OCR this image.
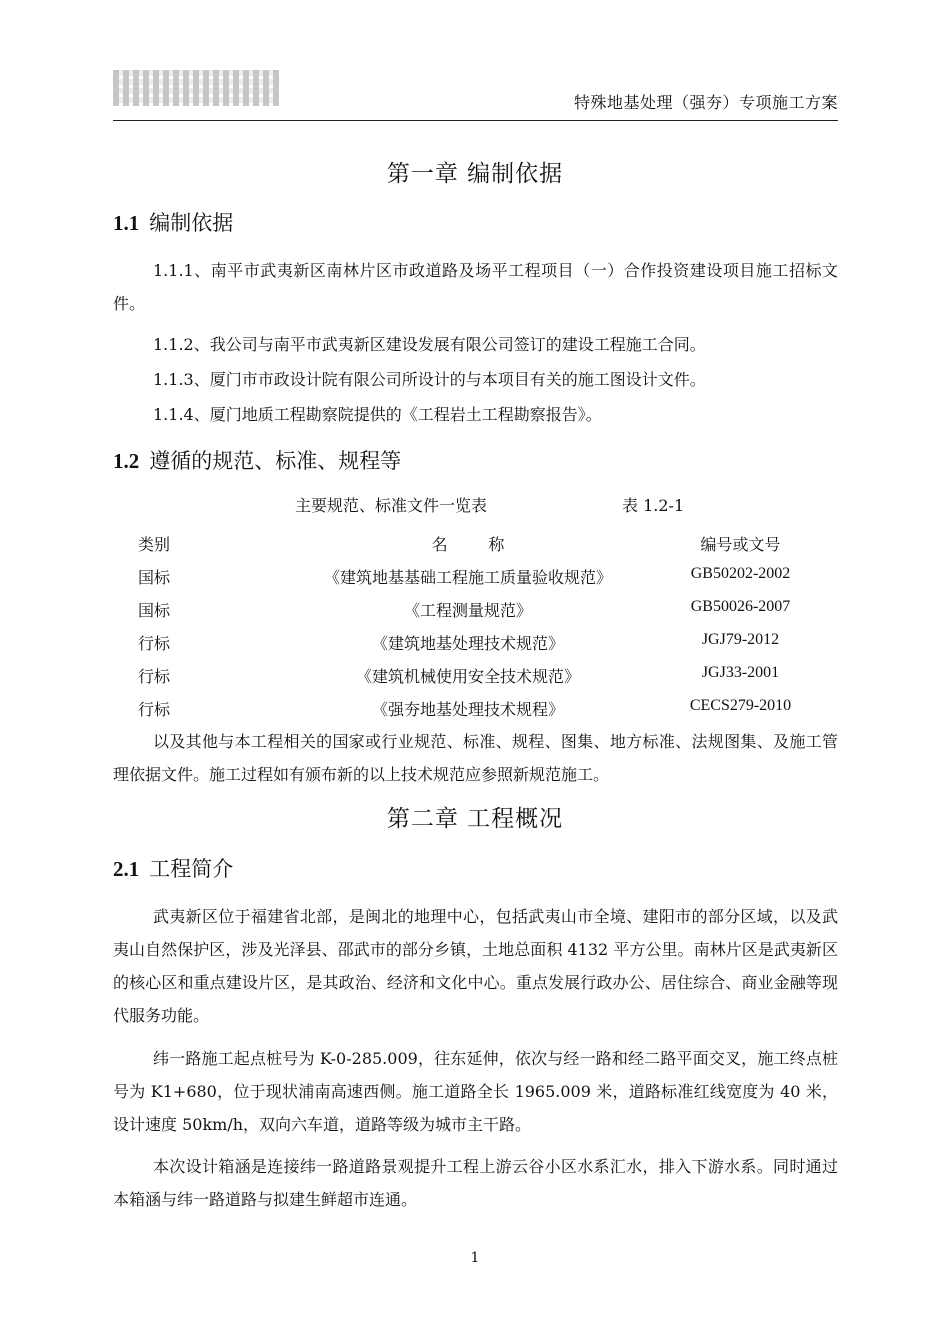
特殊地基处理（强夯）专项施工方案
第一章 编制依据
1.1 编制依据
1.1.1、南平市武夷新区南林片区市政道路及场平工程项目（一）合作投资建设项目施工招标文件。
1.1.2、我公司与南平市武夷新区建设发展有限公司签订的建设工程施工合同。
1.1.3、厦门市市政设计院有限公司所设计的与本项目有关的施工图设计文件。
1.1.4、厦门地质工程勘察院提供的《工程岩土工程勘察报告》。
1.2 遵循的规范、标准、规程等
主要规范、标准文件一览表	表 1.2-1
类别	名        称	编号或文号
国标	《建筑地基基础工程施工质量验收规范》	GB50202-2002
国标	《工程测量规范》	GB50026-2007
行标	《建筑地基处理技术规范》	JGJ79-2012
行标	《建筑机械使用安全技术规范》	JGJ33-2001
行标	《强夯地基处理技术规程》	CECS279-2010
以及其他与本工程相关的国家或行业规范、标准、规程、图集、地方标准、法规图集、及施工管理依据文件。施工过程如有颁布新的以上技术规范应参照新规范施工。
第二章 工程概况
2.1 工程简介
武夷新区位于福建省北部，是闽北的地理中心，包括武夷山市全境、建阳市的部分区域，以及武夷山自然保护区，涉及光泽县、邵武市的部分乡镇，土地总面积 4132 平方公里。南林片区是武夷新区的核心区和重点建设片区，是其政治、经济和文化中心。重点发展行政办公、居住综合、商业金融等现代服务功能。
纬一路施工起点桩号为 K-0-285.009，往东延伸，依次与经一路和经二路平面交叉，施工终点桩号为 K1+680，位于现状浦南高速西侧。施工道路全长 1965.009 米，道路标准红线宽度为 40 米，设计速度 50km/h，双向六车道，道路等级为城市主干路。
本次设计箱涵是连接纬一路道路景观提升工程上游云谷小区水系汇水，排入下游水系。同时通过本箱涵与纬一路道路与拟建生鲜超市连通。
1
